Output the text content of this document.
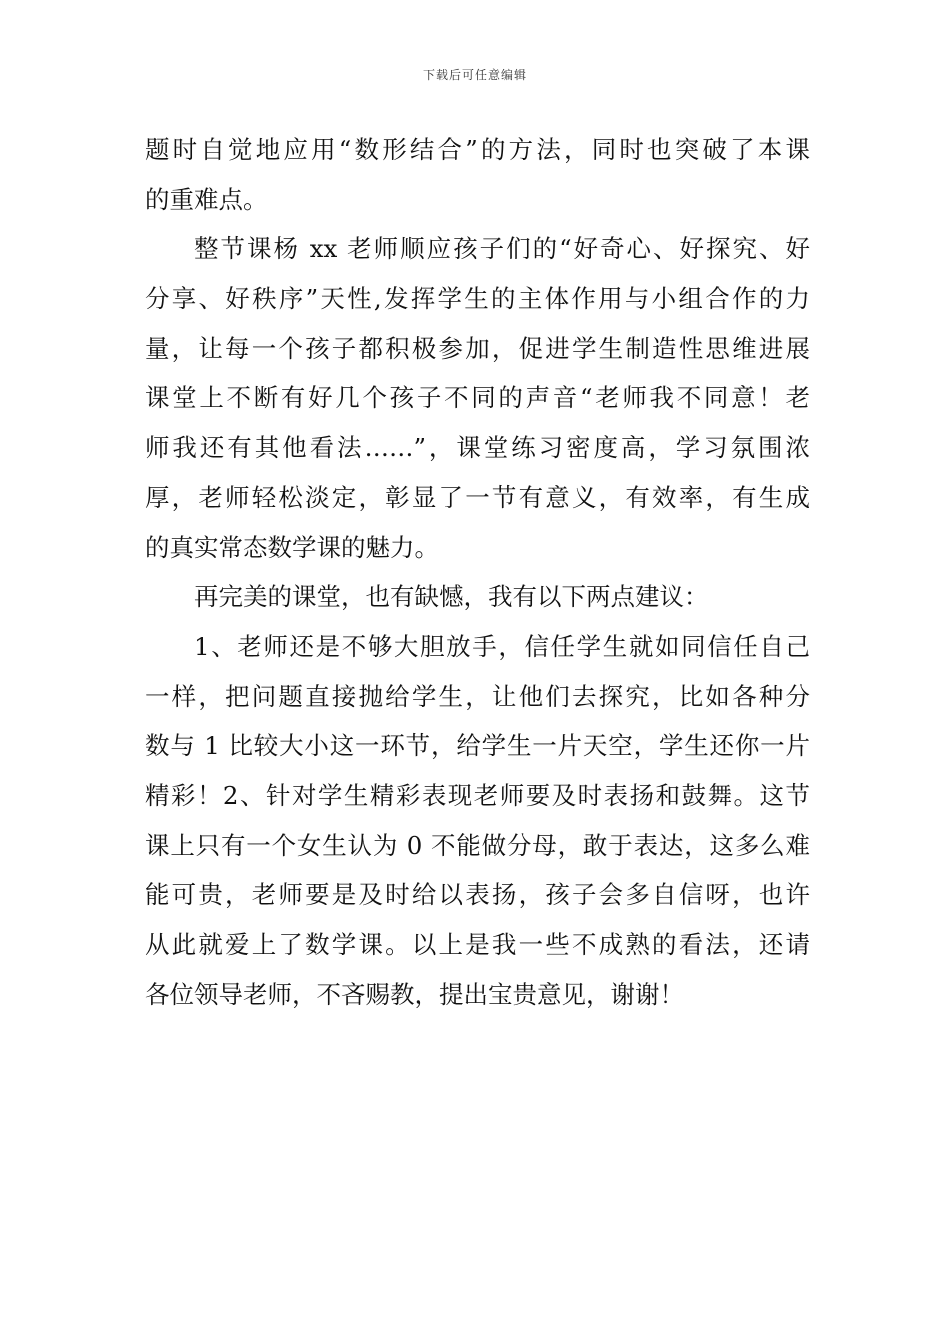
下载后可任意编辑
题时自觉地应用“数形结合”的方法，同时也突破了本课
的重难点。
整节课杨 xx 老师顺应孩子们的“好奇心、好探究、好
分享、好秩序”天性,发挥学生的主体作用与小组合作的力
量，让每一个孩子都积极参加，促进学生制造性思维进展
课堂上不断有好几个孩子不同的声音“老师我不同意！老
师我还有其他看法……”，课堂练习密度高，学习氛围浓
厚，老师轻松淡定，彰显了一节有意义，有效率，有生成
的真实常态数学课的魅力。
再完美的课堂，也有缺憾，我有以下两点建议：
1、老师还是不够大胆放手，信任学生就如同信任自己
一样，把问题直接抛给学生，让他们去探究，比如各种分
数与 1 比较大小这一环节，给学生一片天空，学生还你一片
精彩！2、针对学生精彩表现老师要及时表扬和鼓舞。这节
课上只有一个女生认为 0 不能做分母，敢于表达，这多么难
能可贵，老师要是及时给以表扬，孩子会多自信呀，也许
从此就爱上了数学课。以上是我一些不成熟的看法，还请
各位领导老师，不吝赐教，提出宝贵意见，谢谢！
